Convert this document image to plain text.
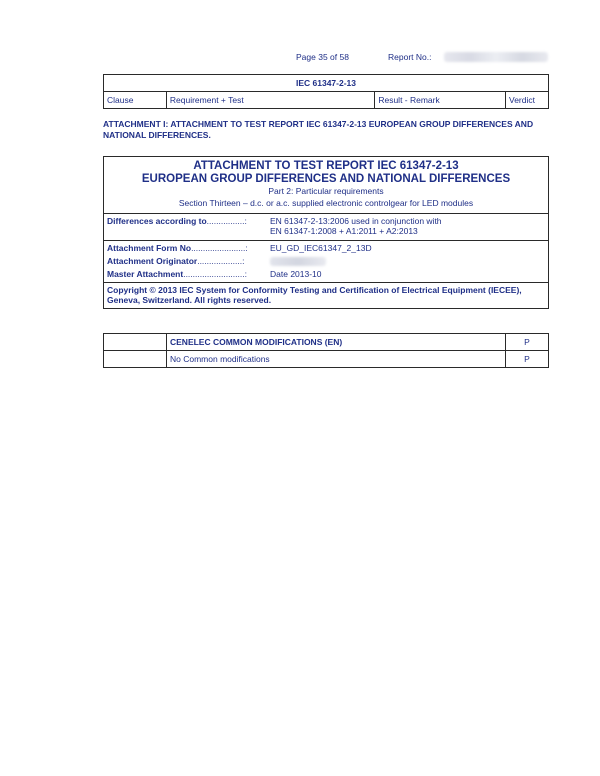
Page 35 of 58	Report No.:
IEC 61347-2-13
Clause	Requirement + Test	Result - Remark	Verdict
ATTACHMENT I: ATTACHMENT TO TEST REPORT IEC 61347-2-13 EUROPEAN GROUP DIFFERENCES AND NATIONAL DIFFERENCES.
ATTACHMENT TO TEST REPORT IEC 61347-2-13
EUROPEAN GROUP DIFFERENCES AND NATIONAL DIFFERENCES
Part 2: Particular requirements
Section Thirteen – d.c. or a.c. supplied electronic controlgear for LED modules
Differences according to................:	EN 61347-2-13:2006 used in conjunction with
EN 61347-1:2008 + A1:2011 + A2:2013
Attachment Form No.......................:	EU_GD_IEC61347_2_13D
Attachment Originator...................:
Master Attachment..........................:	Date 2013-10
Copyright © 2013 IEC System for Conformity Testing and Certification of Electrical Equipment (IECEE), Geneva, Switzerland. All rights reserved.
	CENELEC COMMON MODIFICATIONS (EN)	P
	No Common modifications	P
